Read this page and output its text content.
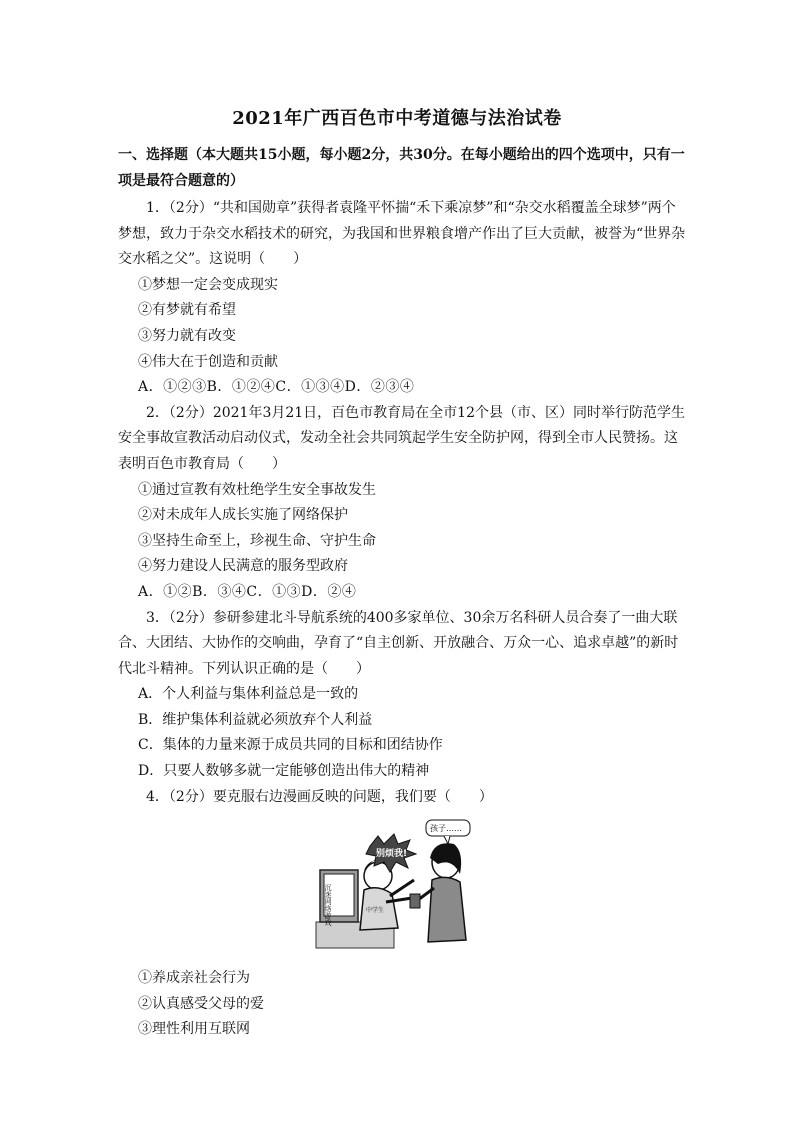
2021年广西百色市中考道德与法治试卷
一、选择题（本大题共15小题，每小题2分，共30分。在每小题给出的四个选项中，只有一项是最符合题意的）

1．（2分）“共和国勋章”获得者袁隆平怀揣“禾下乘凉梦”和“杂交水稻覆盖全球梦”两个梦想，致力于杂交水稻技术的研究，为我国和世界粮食增产作出了巨大贡献，被誉为“世界杂交水稻之父”。这说明（　　）

①梦想一定会变成现实

②有梦就有希望

③努力就有改变

④伟大在于创造和贡献

A．①②③B．①②④C．①③④D．②③④

2．（2分）2021年3月21日，百色市教育局在全市12个县（市、区）同时举行防范学生安全事故宣教活动启动仪式，发动全社会共同筑起学生安全防护网，得到全市人民赞扬。这表明百色市教育局（　　）

①通过宣教有效杜绝学生安全事故发生

②对未成年人成长实施了网络保护

③坚持生命至上，珍视生命、守护生命

④努力建设人民满意的服务型政府

A．①②B．③④C．①③D．②④

3．（2分）参研参建北斗导航系统的400多家单位、30余万名科研人员合奏了一曲大联合、大团结、大协作的交响曲，孕育了“自主创新、开放融合、万众一心、追求卓越”的新时代北斗精神。下列认识正确的是（　　）

A．个人利益与集体利益总是一致的

B．维护集体利益就必须放弃个人利益

C．集体的力量来源于成员共同的目标和团结协作

D．只要人数够多就一定能够创造出伟大的精神

4．（2分）要克服右边漫画反映的问题，我们要（　　）

沉迷网络游戏	中学生
别烦我!
孩子……

①养成亲社会行为

②认真感受父母的爱

③理性利用互联网
